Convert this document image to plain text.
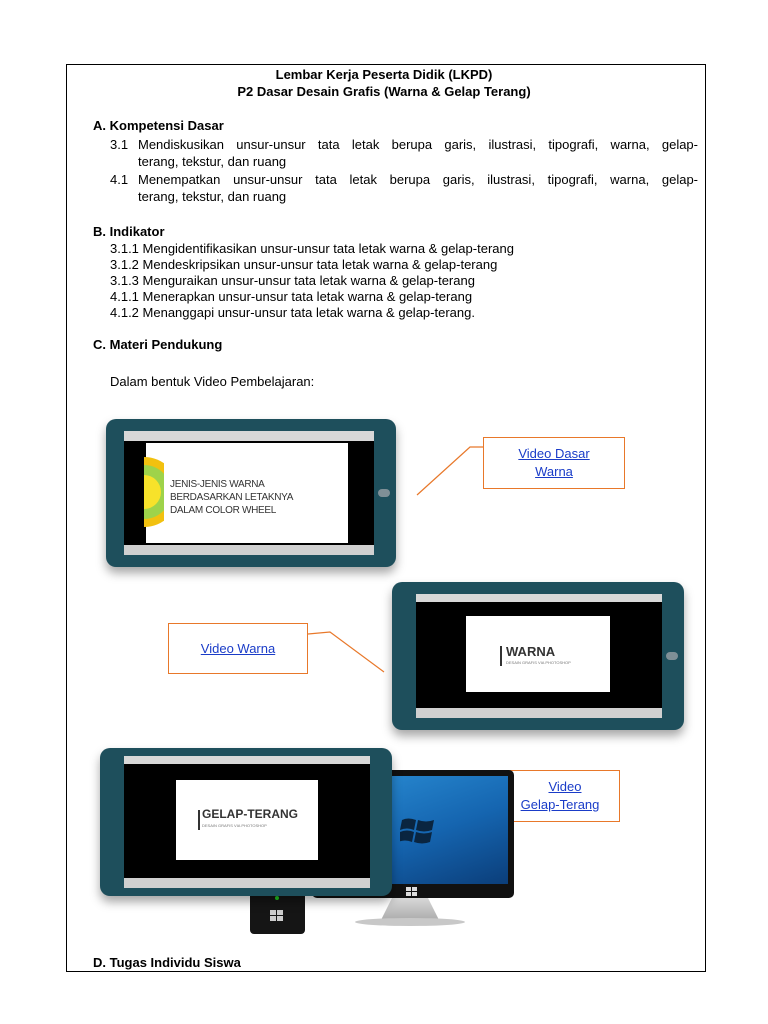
Lembar Kerja Peserta Didik (LKPD)
P2 Dasar Desain Grafis (Warna & Gelap Terang)
A. Kompetensi Dasar
3.1 Mendiskusikan unsur-unsur tata letak berupa garis, ilustrasi, tipografi, warna, gelap-
terang, tekstur, dan ruang
4.1 Menempatkan unsur-unsur tata letak berupa garis, ilustrasi, tipografi, warna, gelap-
terang, tekstur, dan ruang
B. Indikator
3.1.1 Mengidentifikasikan unsur-unsur tata letak warna & gelap-terang
3.1.2 Mendeskripsikan unsur-unsur tata letak warna & gelap-terang
3.1.3 Menguraikan unsur-unsur tata letak warna & gelap-terang
4.1.1 Menerapkan unsur-unsur tata letak warna & gelap-terang
4.1.2 Menanggapi unsur-unsur tata letak warna & gelap-terang.
C. Materi Pendukung
Dalam bentuk Video Pembelajaran:
JENIS-JENIS WARNA
BERDASARKAN LETAKNYA
DALAM COLOR WHEEL
Video Dasar
Warna
WARNA
DESAIN GRAFIS VIA PHOTOSHOP
Video Warna
Video
Gelap-Terang
GELAP-TERANG
DESAIN GRAFIS VIA PHOTOSHOP
D. Tugas Individu Siswa
